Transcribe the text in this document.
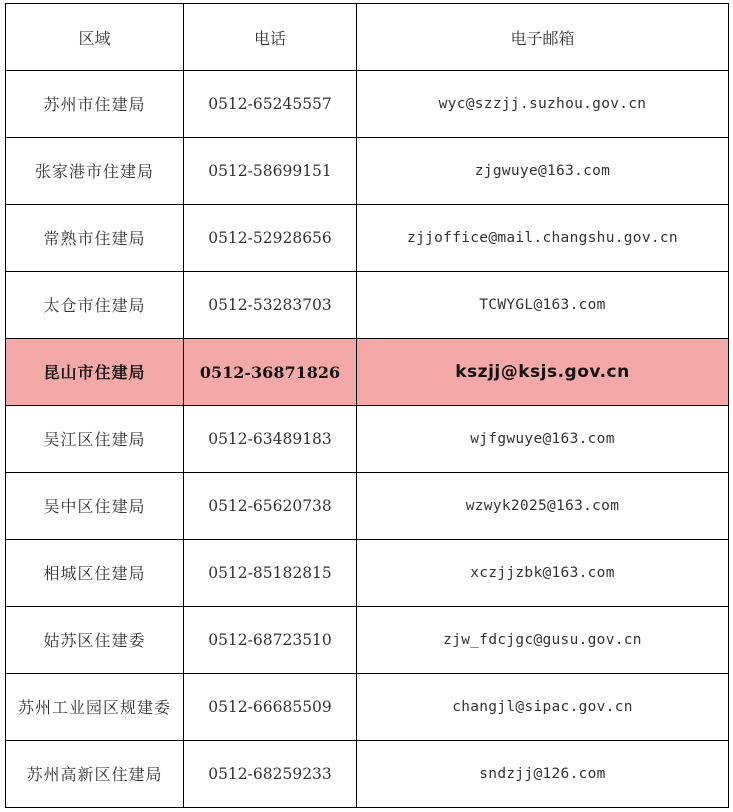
区域	电话	电子邮箱
苏州市住建局	0512-65245557	wyc@szzjj.suzhou.gov.cn
张家港市住建局	0512-58699151	zjgwuye@163.com
常熟市住建局	0512-52928656	zjjoffice@mail.changshu.gov.cn
太仓市住建局	0512-53283703	TCWYGL@163.com
昆山市住建局	0512-36871826	kszjj@ksjs.gov.cn
吴江区住建局	0512-63489183	wjfgwuye@163.com
吴中区住建局	0512-65620738	wzwyk2025@163.com
相城区住建局	0512-85182815	xczjjzbk@163.com
姑苏区住建委	0512-68723510	zjw_fdcjgc@gusu.gov.cn
苏州工业园区规建委	0512-66685509	changjl@sipac.gov.cn
苏州高新区住建局	0512-68259233	sndzjj@126.com
